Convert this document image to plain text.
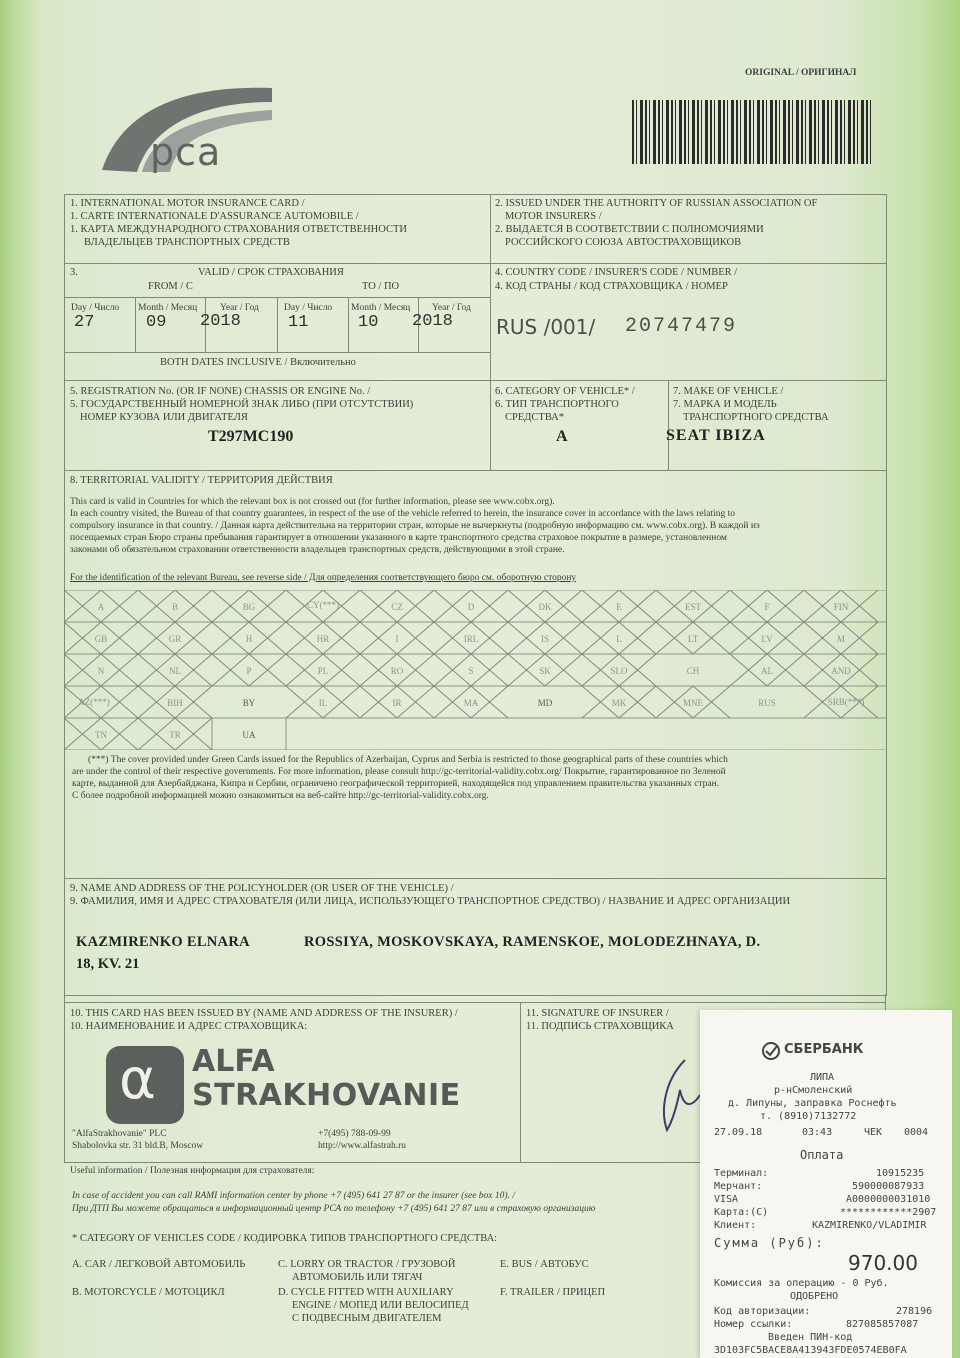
рса
ORIGINAL / ОРИГИНАЛ
1. INTERNATIONAL MOTOR INSURANCE CARD /
1. CARTE INTERNATIONALE D'ASSURANCE AUTOMOBILE /
1. КАРТА МЕЖДУНАРОДНОГО СТРАХОВАНИЯ ОТВЕТСТВЕННОСТИ
ВЛАДЕЛЬЦЕВ ТРАНСПОРТНЫХ СРЕДСТВ
2. ISSUED UNDER THE AUTHORITY OF RUSSIAN ASSOCIATION OF
MOTOR INSURERS /
2. ВЫДАЕТСЯ В СООТВЕТСТВИИ С ПОЛНОМОЧИЯМИ
РОССИЙСКОГО СОЮЗА АВТОСТРАХОВЩИКОВ
3.	VALID / СРОК СТРАХОВАНИЯ
FROM / С	TO / ПО
Day / Число Month / Месяц Year / Год	Day / Число Month / Месяц Year / Год
27	09 2018	11	10 2018
BOTH DATES INCLUSIVE / Включительно
4. COUNTRY CODE / INSURER'S CODE / NUMBER /
4. КОД СТРАНЫ / КОД СТРАХОВЩИКА / НОМЕР
RUS /001/ 20747479
5. REGISTRATION No. (OR IF NONE) CHASSIS OR ENGINE No. /
5. ГОСУДАРСТВЕННЫЙ НОМЕРНОЙ ЗНАК ЛИБО (ПРИ ОТСУТСТВИИ)
НОМЕР КУЗОВА ИЛИ ДВИГАТЕЛЯ
T297MC190
6. CATEGORY OF VEHICLE* /
6. ТИП ТРАНСПОРТНОГО
СРЕДСТВА*
A
7. MAKE OF VEHICLE /
7. МАРКА И МОДЕЛЬ
ТРАНСПОРТНОГО СРЕДСТВА
SEAT IBIZA
8. TERRITORIAL VALIDITY / ТЕРРИТОРИЯ ДЕЙСТВИЯ
This card is valid in Countries for which the relevant box is not crossed out (for further information, please see www.cobx.org).
In each country visited, the Bureau of that country guarantees, in respect of the use of the vehicle referred to herein, the insurance cover in accordance with the laws relating to
compulsory insurance in that country. / Данная карта действительна на территории стран, которые не вычеркнуты (подробную информацию см. www.cobx.org). В каждой из
посещаемых стран Бюро страны пребывания гарантирует в отношении указанного в карте транспортного средства страховое покрытие в размере, установленном
законами об обязательном страховании ответственности владельцев транспортных средств, действующими в этой стране.
For the identification of the relevant Bureau, see reverse side / Для определения соответствующего бюро см. оборотную сторону
A	B	BG	CY(***)	CZ	D	DK	E	EST	F	FIN
GB	GR	H	HR	I	IRL	IS	L	LT	LV	M
N	NL	P	PL	RO	S	SK	SLO	CH	AL	AND
AZ(***)	BIH	BY	IL	IR	MA	MD	MK	MNE	RUS	SRB(***)
TN	TR	UA
(***) The cover provided under Green Cards issued for the Republics of Azerbaijan, Cyprus and Serbia is restricted to those geographical parts of these countries which
are under the control of their respective governments. For more information, please consult http://gc-territorial-validity.cobx.org/ Покрытие, гарантированное по Зеленой
карте, выданной для Азербайджана, Кипра и Сербии, ограничено географической территорией, находящейся под управлением правительства указанных стран.
С более подробной информацией можно ознакомиться на веб-сайте http://gc-territorial-validity.cobx.org.
9. NAME AND ADDRESS OF THE POLICYHOLDER (OR USER OF THE VEHICLE) /
9. ФАМИЛИЯ, ИМЯ И АДРЕС СТРАХОВАТЕЛЯ (ИЛИ ЛИЦА, ИСПОЛЬЗУЮЩЕГО ТРАНСПОРТНОЕ СРЕДСТВО) / НАЗВАНИЕ И АДРЕС ОРГАНИЗАЦИИ
KAZMIRENKO ELNARA	ROSSIYA, MOSKOVSKAYA, RAMENSKOE, MOLODEZHNAYA, D.
18, KV. 21
10. THIS CARD HAS BEEN ISSUED BY (NAME AND ADDRESS OF THE INSURER) /
10. НАИМЕНОВАНИЕ И АДРЕС СТРАХОВЩИКА:
α ALFA
STRAKHOVANIE
"AlfaStrakhovanie" PLC
Shabolovka str. 31 bld.B, Moscow
+7(495) 788-09-99
http://www.alfastrah.ru
11. SIGNATURE OF INSURER /
11. ПОДПИСЬ СТРАХОВЩИКА
Useful information / Полезная информация для страхователя:
In case of accident you can call RAMI information center by phone +7 (495) 641 27 87 or the insurer (see box 10). /
При ДТП Вы можете обращаться в информационный центр РСА по телефону +7 (495) 641 27 87 или в страховую организацию
* CATEGORY OF VEHICLES CODE / КОДИРОВКА ТИПОВ ТРАНСПОРТНОГО СРЕДСТВА:
A. CAR / ЛЕГКОВОЙ АВТОМОБИЛЬ	C. LORRY OR TRACTOR / ГРУЗОВОЙ
АВТОМОБИЛЬ ИЛИ ТЯГАЧ
E. BUS / АВТОБУС
B. MOTORCYCLE / МОТОЦИКЛ	D. CYCLE FITTED WITH AUXILIARY
ENGINE / МОПЕД ИЛИ ВЕЛОСИПЕД
С ПОДВЕСНЫМ ДВИГАТЕЛЕМ
F. TRAILER / ПРИЦЕП
СБЕРБАНК
ЛИПА
р-нСмоленский
д. Липуны, заправка Роснефть
т. (8910)7132772
27.09.18	03:43	ЧЕК 0004
Оплата
Терминал:	10915235
Мерчант:	590000087933
VISA	A0000000031010
Карта:(С)	************2907
Клиент:	KAZMIRENKO/VLADIMIR
Сумма (Руб):
970.00
Комиссия за операцию - 0 Руб.
ОДОБРЕНО
Код авторизации:	278196
Номер ссылки:	827085857087
Введен ПИН-код
3D103FC5BACE8A413943FDE0574EB0FA
